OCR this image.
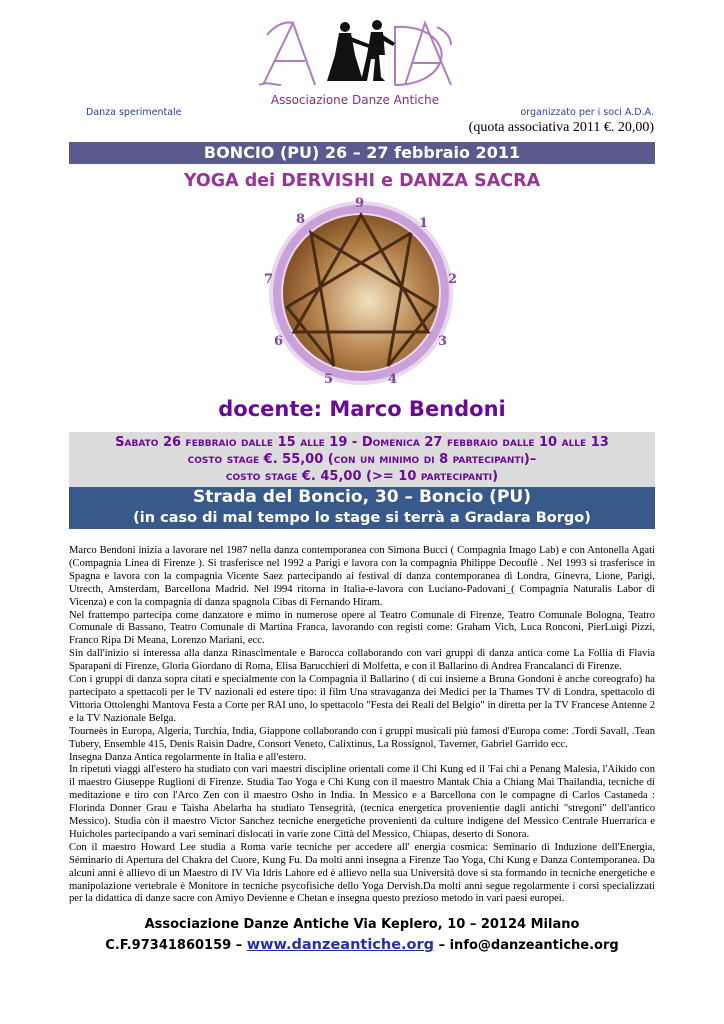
Associazione Danze Antiche
Danza sperimentale	organizzato per i soci A.D.A.
(quota associativa 2011 €. 20,00)
BONCIO (PU) 26 – 27 febbraio 2011
YOGA dei DERVISHI e DANZA SACRA
9
1
2
3
4
5
6
7
8
docente: Marco Bendoni
Sabato 26 febbraio dalle 15 alle 19 - Domenica 27 febbraio dalle 10 alle 13
costo stage €. 55,00 (con un minimo di 8 partecipanti)–
costo stage €. 45,00 (>= 10 partecipanti)
Strada del Boncio, 30 – Boncio (PU)
(in caso di mal tempo lo stage si terrà a Gradara Borgo)

Marco Bendoni inizia a lavorare nel 1987 nella danza contemporanea con Simona Bucci ( Compagnia Imago Lab) e con Antonella Agati (Compagnia Linea di Firenze ). Si trasferisce nel 1992 a Parigi e lavora con la compagnia Philippe Decouflè . Nel 1993 si trasferisce in Spagna e lavora con la compagnia Vicente Saez partecipando ai festival di danza contemporanea di Londra, Ginevra, Lione, Parigi, Utrecth, Amsterdam, Barcellona Madrid. Nel l994 ritorna in Italia-e-lavora con Luciano-Padovani_( Compagnia Naturalis Labor di Vicenza) e con la compagnia di danza spagnola Cibas di Fernando Hiram.

Nel frattempo partecipa come danzatore e mimo in numerose opere al Teatro Comunale di Firenze, Teatro Comunale Bologna, Teatro Comunale di Bassano, Teatro Comunale di Martina Franca, lavorando con registi come: Graham Vich, Luca Ronconi, PierLuigi Pizzi, Franco Ripa Di Meana, Lorenzo Mariani, ecc.

Sin dall'inizio si interessa alla danza Rinascimentale e Barocca collaborando con vari gruppi di danza antica come La Follia di Flavia Sparapani di Firenze, Gloria Giordano di Roma, Elisa Barucchieri di Molfetta, e con il Ballarino di Andrea Francalanci di Firenze.

Con i gruppi di danza sopra citati e specialmente con la Compagnia il Ballarino ( di cui insieme a Bruna Gondoni è anche coreografo) ha partecipato a spettacoli per le TV nazionali ed estere tipo: il film Una stravaganza dei Medici per la Thames TV di Londra, spettacolo di Vittoria Ottolenghi Mantova Festa a Corte per RAI uno, lo spettacolo "Festa dei Reali del Belgio" in diretta per la TV Francese Antenne 2 e la TV Nazionale Belga.

Tourneès in Europa, Algeria, Turchia, India, Giappone collaborando con i gruppi musicali più famosi d'Europa come: .Tordi Savall, .Tean Tubery, Ensemble 415, Denis Raisin Dadre, Consort Veneto, Calixtinus, La Rossignol, Taverner, Gabriel Garrido ecc.

Insegna Danza Antica regolarmente in Italia e all'estero.

In ripetuti viaggi all'estero ha studiato con vari maestri discipline orientali come il Chi Kung ed il 'Fai chi a Penang Malesia, l'Aikido con il maestro Giuseppe Ruglioni di Firenze. Studia Tao Yoga e Chi Kung con il maestro Mantak Chia a Chiang Mai Thailandia, tecniche di meditazione e tiro con l'Arco Zen con il maestro Osho in India. In Messico e a Barcellona con le compagne di Carlos Castaneda : Florinda Donner Grau e Taisha Abelarha ha studiato Tensegrità, (tecnica energetica provenientie dagli antichi "stregoni" dell'antico Messico). Studia còn il maestro Victor Sanchez tecniche energetiche provenienti da culture indigene del Messico Centrale Huerrarica e Huicholes partecipando a vari seminari dislocati in varie zone Città del Messico, Chiapas, deserto di Sonora.

Con il maestro Howard Lee studia a Roma varie tecniche per accedere all' energia cosmica: Seminario di Induzione dell'Energia, Séminario di Apertura del Chakra del Cuore, Kung Fu. Da molti anni insegna a Firenze Tao Yoga, Chi Kung e Danza Contemporanea. Da alcuni anni è allievo di un Maestro di IV Via Idris Lahore ed è allievo nella sua Università dove si sta formando in tecniche energetiche e manipolazione vertebrale è Monitore in tecniche psycofisiche dello Yoga Dervish.Da molti anni segue regolarmente i corsi specializzati per la didattica di danze sacre con Amiyo Devienne e Chetan e insegna questo prezioso metodo in vari paesi europei.

Associazione Danze Antiche Via Keplero, 10 – 20124 Milano
C.F.97341860159 – www.danzeantiche.org – info@danzeantiche.org
